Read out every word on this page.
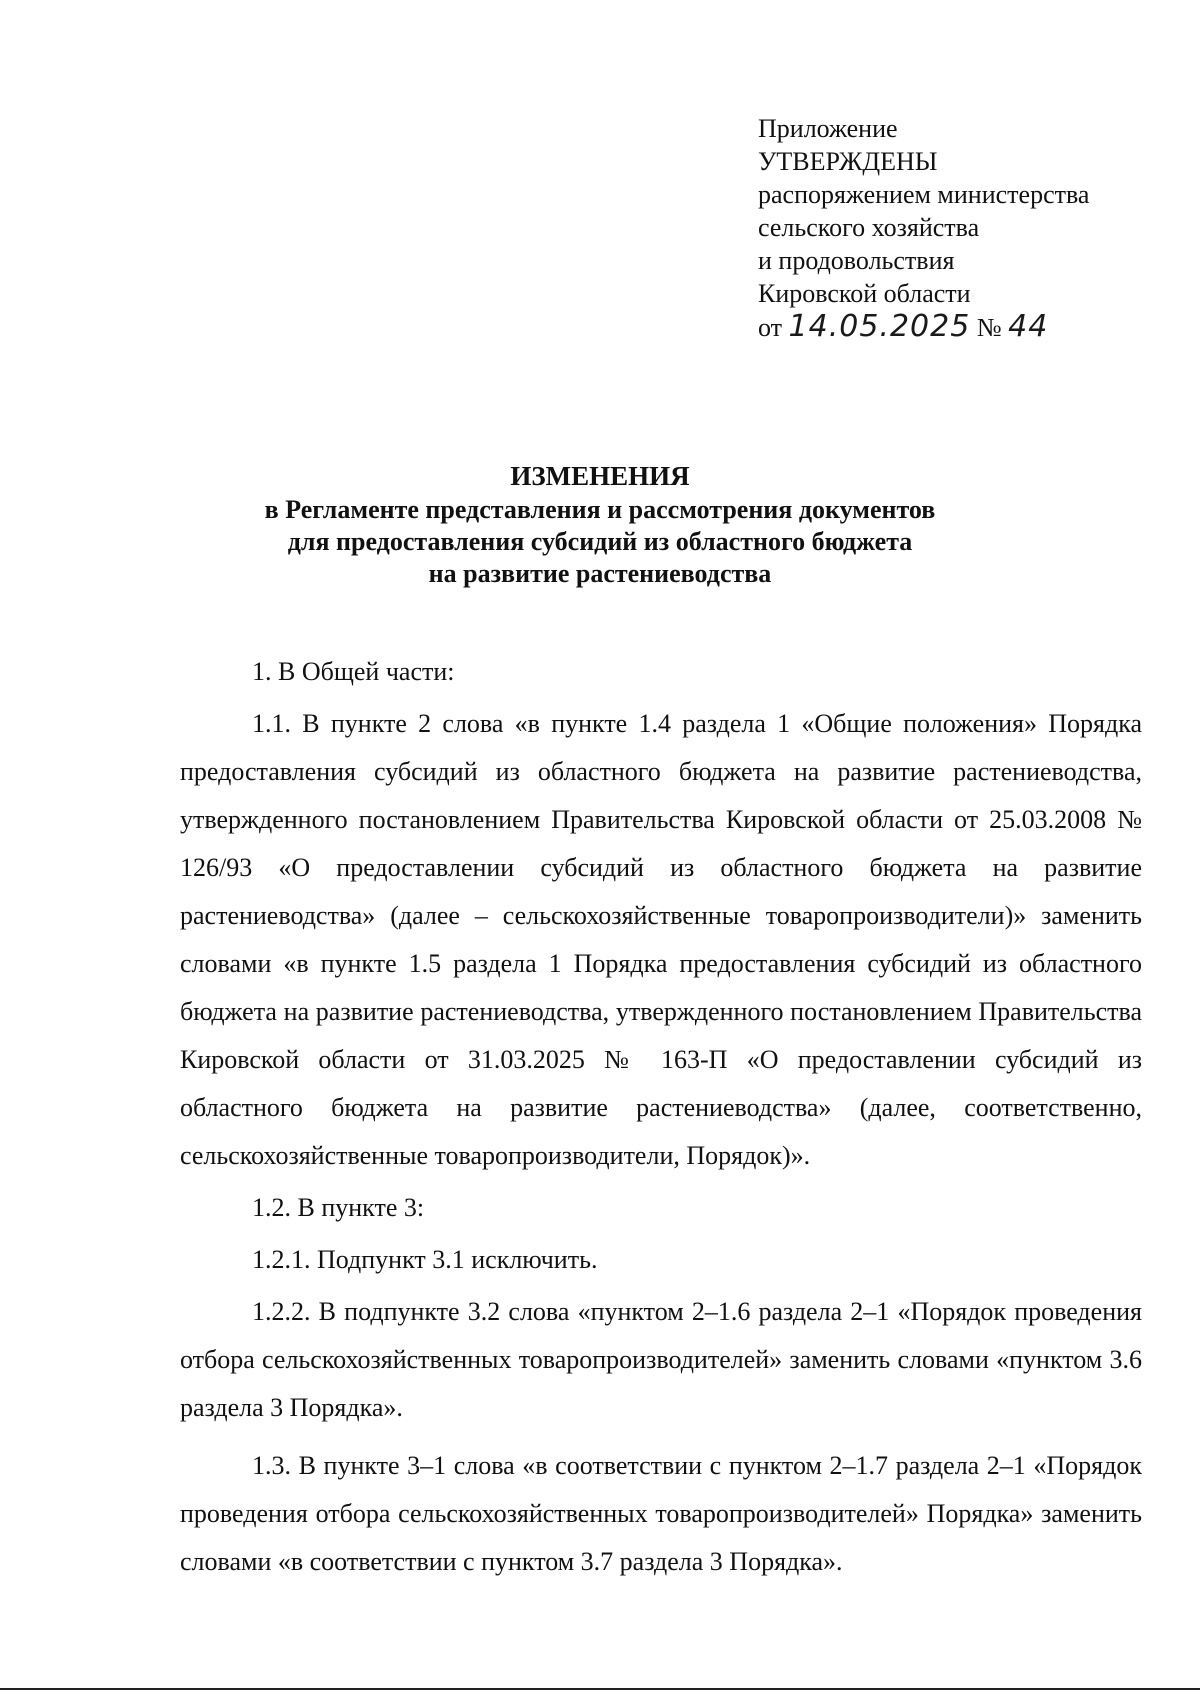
Приложение

УТВЕРЖДЕНЫ

распоряжением министерства

сельского хозяйства

и продовольствия

Кировской области

от 14.05.2025 № 44

ИЗМЕНЕНИЯ
в Регламенте представления и рассмотрения документов
для предоставления субсидий из областного бюджета
на развитие растениеводства

1. В Общей части:

1.1. В пункте 2 слова «в пункте 1.4 раздела 1 «Общие положения» Порядка предоставления субсидий из областного бюджета на развитие растениеводства, утвержденного постановлением Правительства Кировской области от 25.03.2008 № 126/93 «О предоставлении субсидий из областного бюджета на развитие растениеводства» (далее – сельскохозяйственные товаропроизводители)» заменить словами «в пункте 1.5 раздела 1 Порядка предоставления субсидий из областного бюджета на развитие растениеводства, утвержденного постановлением Правительства Кировской области от 31.03.2025 № 163-П «О предоставлении субсидий из областного бюджета на развитие растениеводства» (далее, соответственно, сельскохозяйственные товаропроизводители, Порядок)».

1.2. В пункте 3:

1.2.1. Подпункт 3.1 исключить.

1.2.2. В подпункте 3.2 слова «пунктом 2–1.6 раздела 2–1 «Порядок проведения отбора сельскохозяйственных товаропроизводителей» заменить словами «пунктом 3.6 раздела 3 Порядка».

1.3. В пункте 3–1 слова «в соответствии с пунктом 2–1.7 раздела 2–1 «Порядок проведения отбора сельскохозяйственных товаропроизводителей» Порядка» заменить словами «в соответствии с пунктом 3.7 раздела 3 Порядка».
